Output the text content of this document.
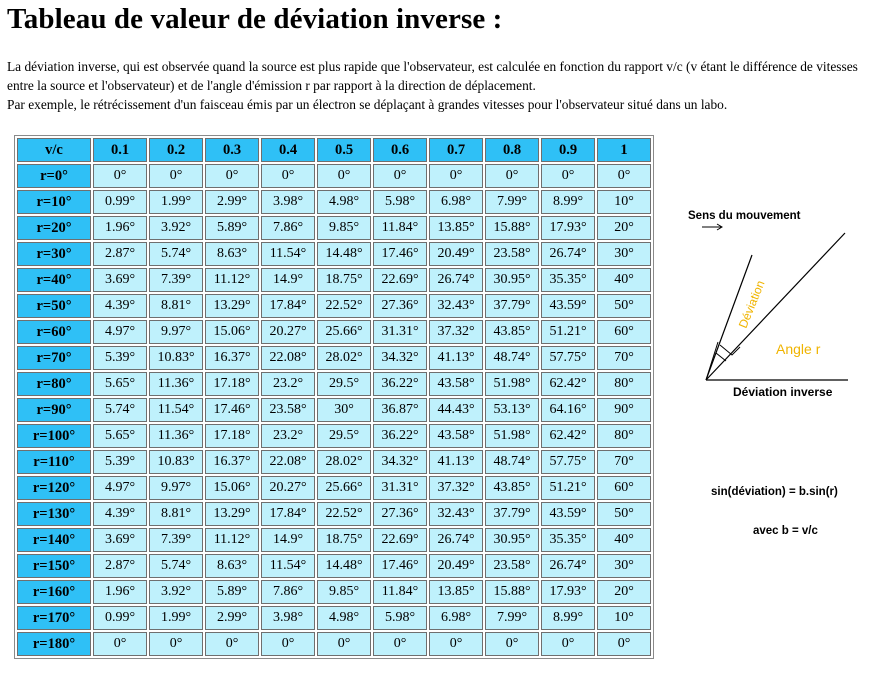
Tableau de valeur de déviation inverse :

La déviation inverse, qui est observée quand la source est plus rapide que l'observateur, est calculée en fonction du rapport v/c (v étant le différence de vitesses entre la source et l'observateur) et de l'angle d'émission r par rapport à la direction de déplacement.

Par exemple, le rétrécissement d'un faisceau émis par un électron se déplaçant à grandes vitesses pour l'observateur situé dans un labo.

v/c	0.1	0.2	0.3	0.4	0.5	0.6	0.7	0.8	0.9	1
r=0°	0°	0°	0°	0°	0°	0°	0°	0°	0°	0°
r=10°	0.99°	1.99°	2.99°	3.98°	4.98°	5.98°	6.98°	7.99°	8.99°	10°
r=20°	1.96°	3.92°	5.89°	7.86°	9.85°	11.84°	13.85°	15.88°	17.93°	20°
r=30°	2.87°	5.74°	8.63°	11.54°	14.48°	17.46°	20.49°	23.58°	26.74°	30°
r=40°	3.69°	7.39°	11.12°	14.9°	18.75°	22.69°	26.74°	30.95°	35.35°	40°
r=50°	4.39°	8.81°	13.29°	17.84°	22.52°	27.36°	32.43°	37.79°	43.59°	50°
r=60°	4.97°	9.97°	15.06°	20.27°	25.66°	31.31°	37.32°	43.85°	51.21°	60°
r=70°	5.39°	10.83°	16.37°	22.08°	28.02°	34.32°	41.13°	48.74°	57.75°	70°
r=80°	5.65°	11.36°	17.18°	23.2°	29.5°	36.22°	43.58°	51.98°	62.42°	80°
r=90°	5.74°	11.54°	17.46°	23.58°	30°	36.87°	44.43°	53.13°	64.16°	90°
r=100°	5.65°	11.36°	17.18°	23.2°	29.5°	36.22°	43.58°	51.98°	62.42°	80°
r=110°	5.39°	10.83°	16.37°	22.08°	28.02°	34.32°	41.13°	48.74°	57.75°	70°
r=120°	4.97°	9.97°	15.06°	20.27°	25.66°	31.31°	37.32°	43.85°	51.21°	60°
r=130°	4.39°	8.81°	13.29°	17.84°	22.52°	27.36°	32.43°	37.79°	43.59°	50°
r=140°	3.69°	7.39°	11.12°	14.9°	18.75°	22.69°	26.74°	30.95°	35.35°	40°
r=150°	2.87°	5.74°	8.63°	11.54°	14.48°	17.46°	20.49°	23.58°	26.74°	30°
r=160°	1.96°	3.92°	5.89°	7.86°	9.85°	11.84°	13.85°	15.88°	17.93°	20°
r=170°	0.99°	1.99°	2.99°	3.98°	4.98°	5.98°	6.98°	7.99°	8.99°	10°
r=180°	0°	0°	0°	0°	0°	0°	0°	0°	0°	0°
Sens du mouvement
Déviation
Angle r
Déviation inverse
sin(déviation) = b.sin(r)
avec b = v/c
